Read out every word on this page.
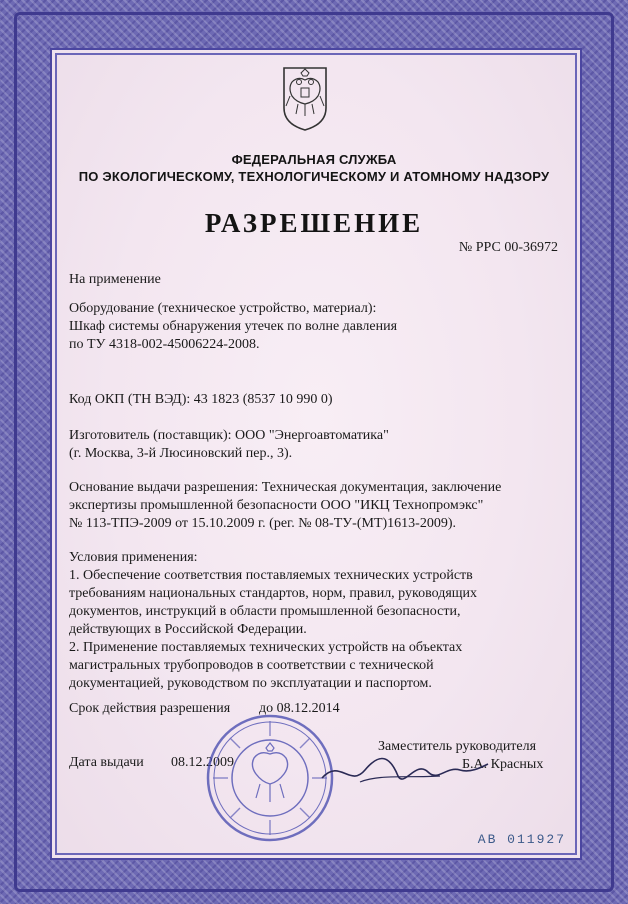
ФЕДЕРАЛЬНАЯ СЛУЖБА
ПО ЭКОЛОГИЧЕСКОМУ, ТЕХНОЛОГИЧЕСКОМУ И АТОМНОМУ НАДЗОРУ
РАЗРЕШЕНИЕ
№ РРС 00-36972
На применение
Оборудование (техническое устройство, материал):
Шкаф системы обнаружения утечек по волне давления
по ТУ 4318-002-45006224-2008.
Код ОКП (ТН ВЭД): 43 1823 (8537 10 990 0)
Изготовитель (поставщик): ООО "Энергоавтоматика"
(г. Москва, 3-й Люсиновский пер., 3).
Основание выдачи разрешения: Техническая документация, заключение
экспертизы промышленной безопасности ООО "ИКЦ Технопромэкс"
№ 113-ТПЭ-2009 от 15.10.2009 г. (рег. № 08-ТУ-(МТ)1613-2009).
Условия применения:
1. Обеспечение соответствия поставляемых технических устройств
требованиям национальных стандартов, норм, правил, руководящих
документов, инструкций в области промышленной безопасности,
действующих в Российской Федерации.
2. Применение поставляемых технических устройств на объектах
магистральных трубопроводов в соответствии с технической
документацией, руководством по эксплуатации и паспортом.
Срок действия разрешения до 08.12.2014
Дата выдачи 08.12.2009
Заместитель руководителя
Б.А. Красных
АВ 011927
